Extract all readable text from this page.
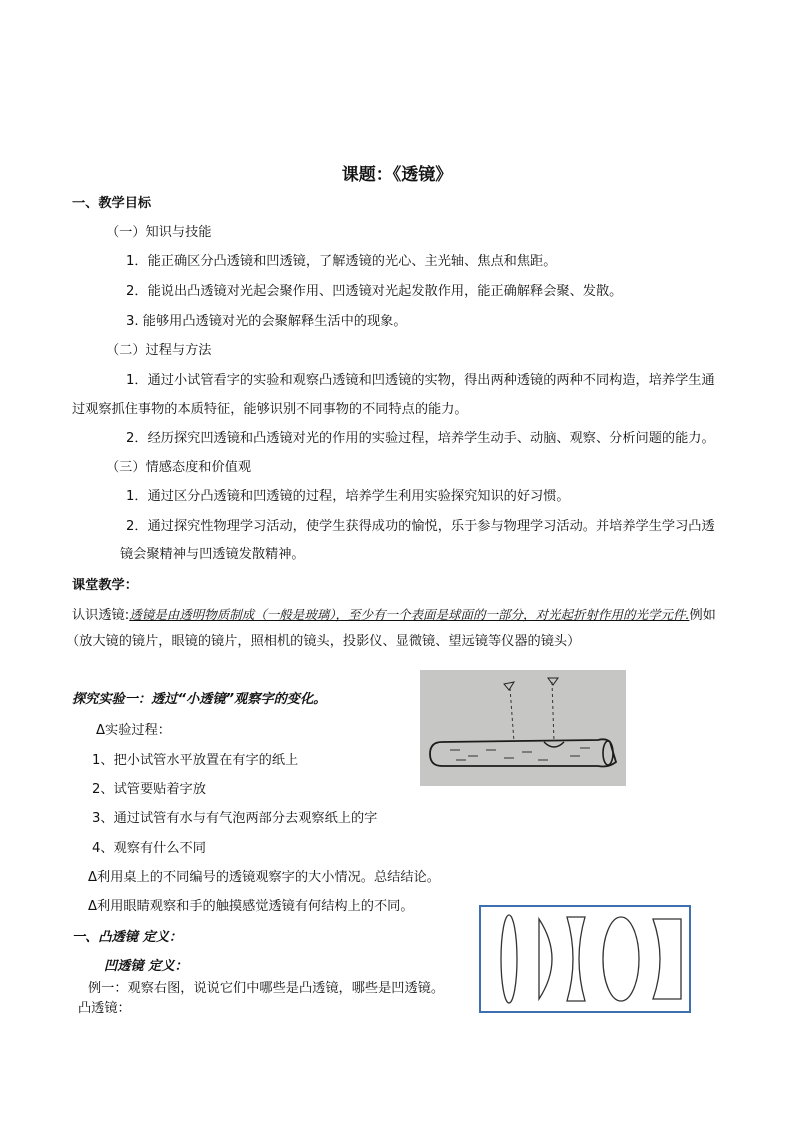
课题：《透镜》
一、教学目标
（一）知识与技能
1．能正确区分凸透镜和凹透镜，了解透镜的光心、主光轴、焦点和焦距。
2．能说出凸透镜对光起会聚作用、凹透镜对光起发散作用，能正确解释会聚、发散。
3. 能够用凸透镜对光的会聚解释生活中的现象。
（二）过程与方法
1．通过小试管看字的实验和观察凸透镜和凹透镜的实物，得出两种透镜的两种不同构造，培养学生通
过观察抓住事物的本质特征，能够识别不同事物的不同特点的能力。
2．经历探究凹透镜和凸透镜对光的作用的实验过程，培养学生动手、动脑、观察、分析问题的能力。
（三）情感态度和价值观
1．通过区分凸透镜和凹透镜的过程，培养学生利用实验探究知识的好习惯。
2．通过探究性物理学习活动，使学生获得成功的愉悦，乐于参与物理学习活动。并培养学生学习凸透
镜会聚精神与凹透镜发散精神。
课堂教学：
认识透镜:透镜是由透明物质制成（一般是玻璃），至少有一个表面是球面的一部分，对光起折射作用的光学元件.例如
（放大镜的镜片，眼镜的镜片，照相机的镜头，投影仪、显微镜、望远镜等仪器的镜头）
探究实验一：透过“小透镜”观察字的变化。
Δ实验过程：
1、把小试管水平放置在有字的纸上
2、试管要贴着字放
3、通过试管有水与有气泡两部分去观察纸上的字
4、观察有什么不同
Δ利用桌上的不同编号的透镜观察字的大小情况。总结结论。
Δ利用眼睛观察和手的触摸感觉透镜有何结构上的不同。
一、凸透镜 定义：
凹透镜 定义：
例一：观察右图，说说它们中哪些是凸透镜，哪些是凹透镜。
凸透镜：
